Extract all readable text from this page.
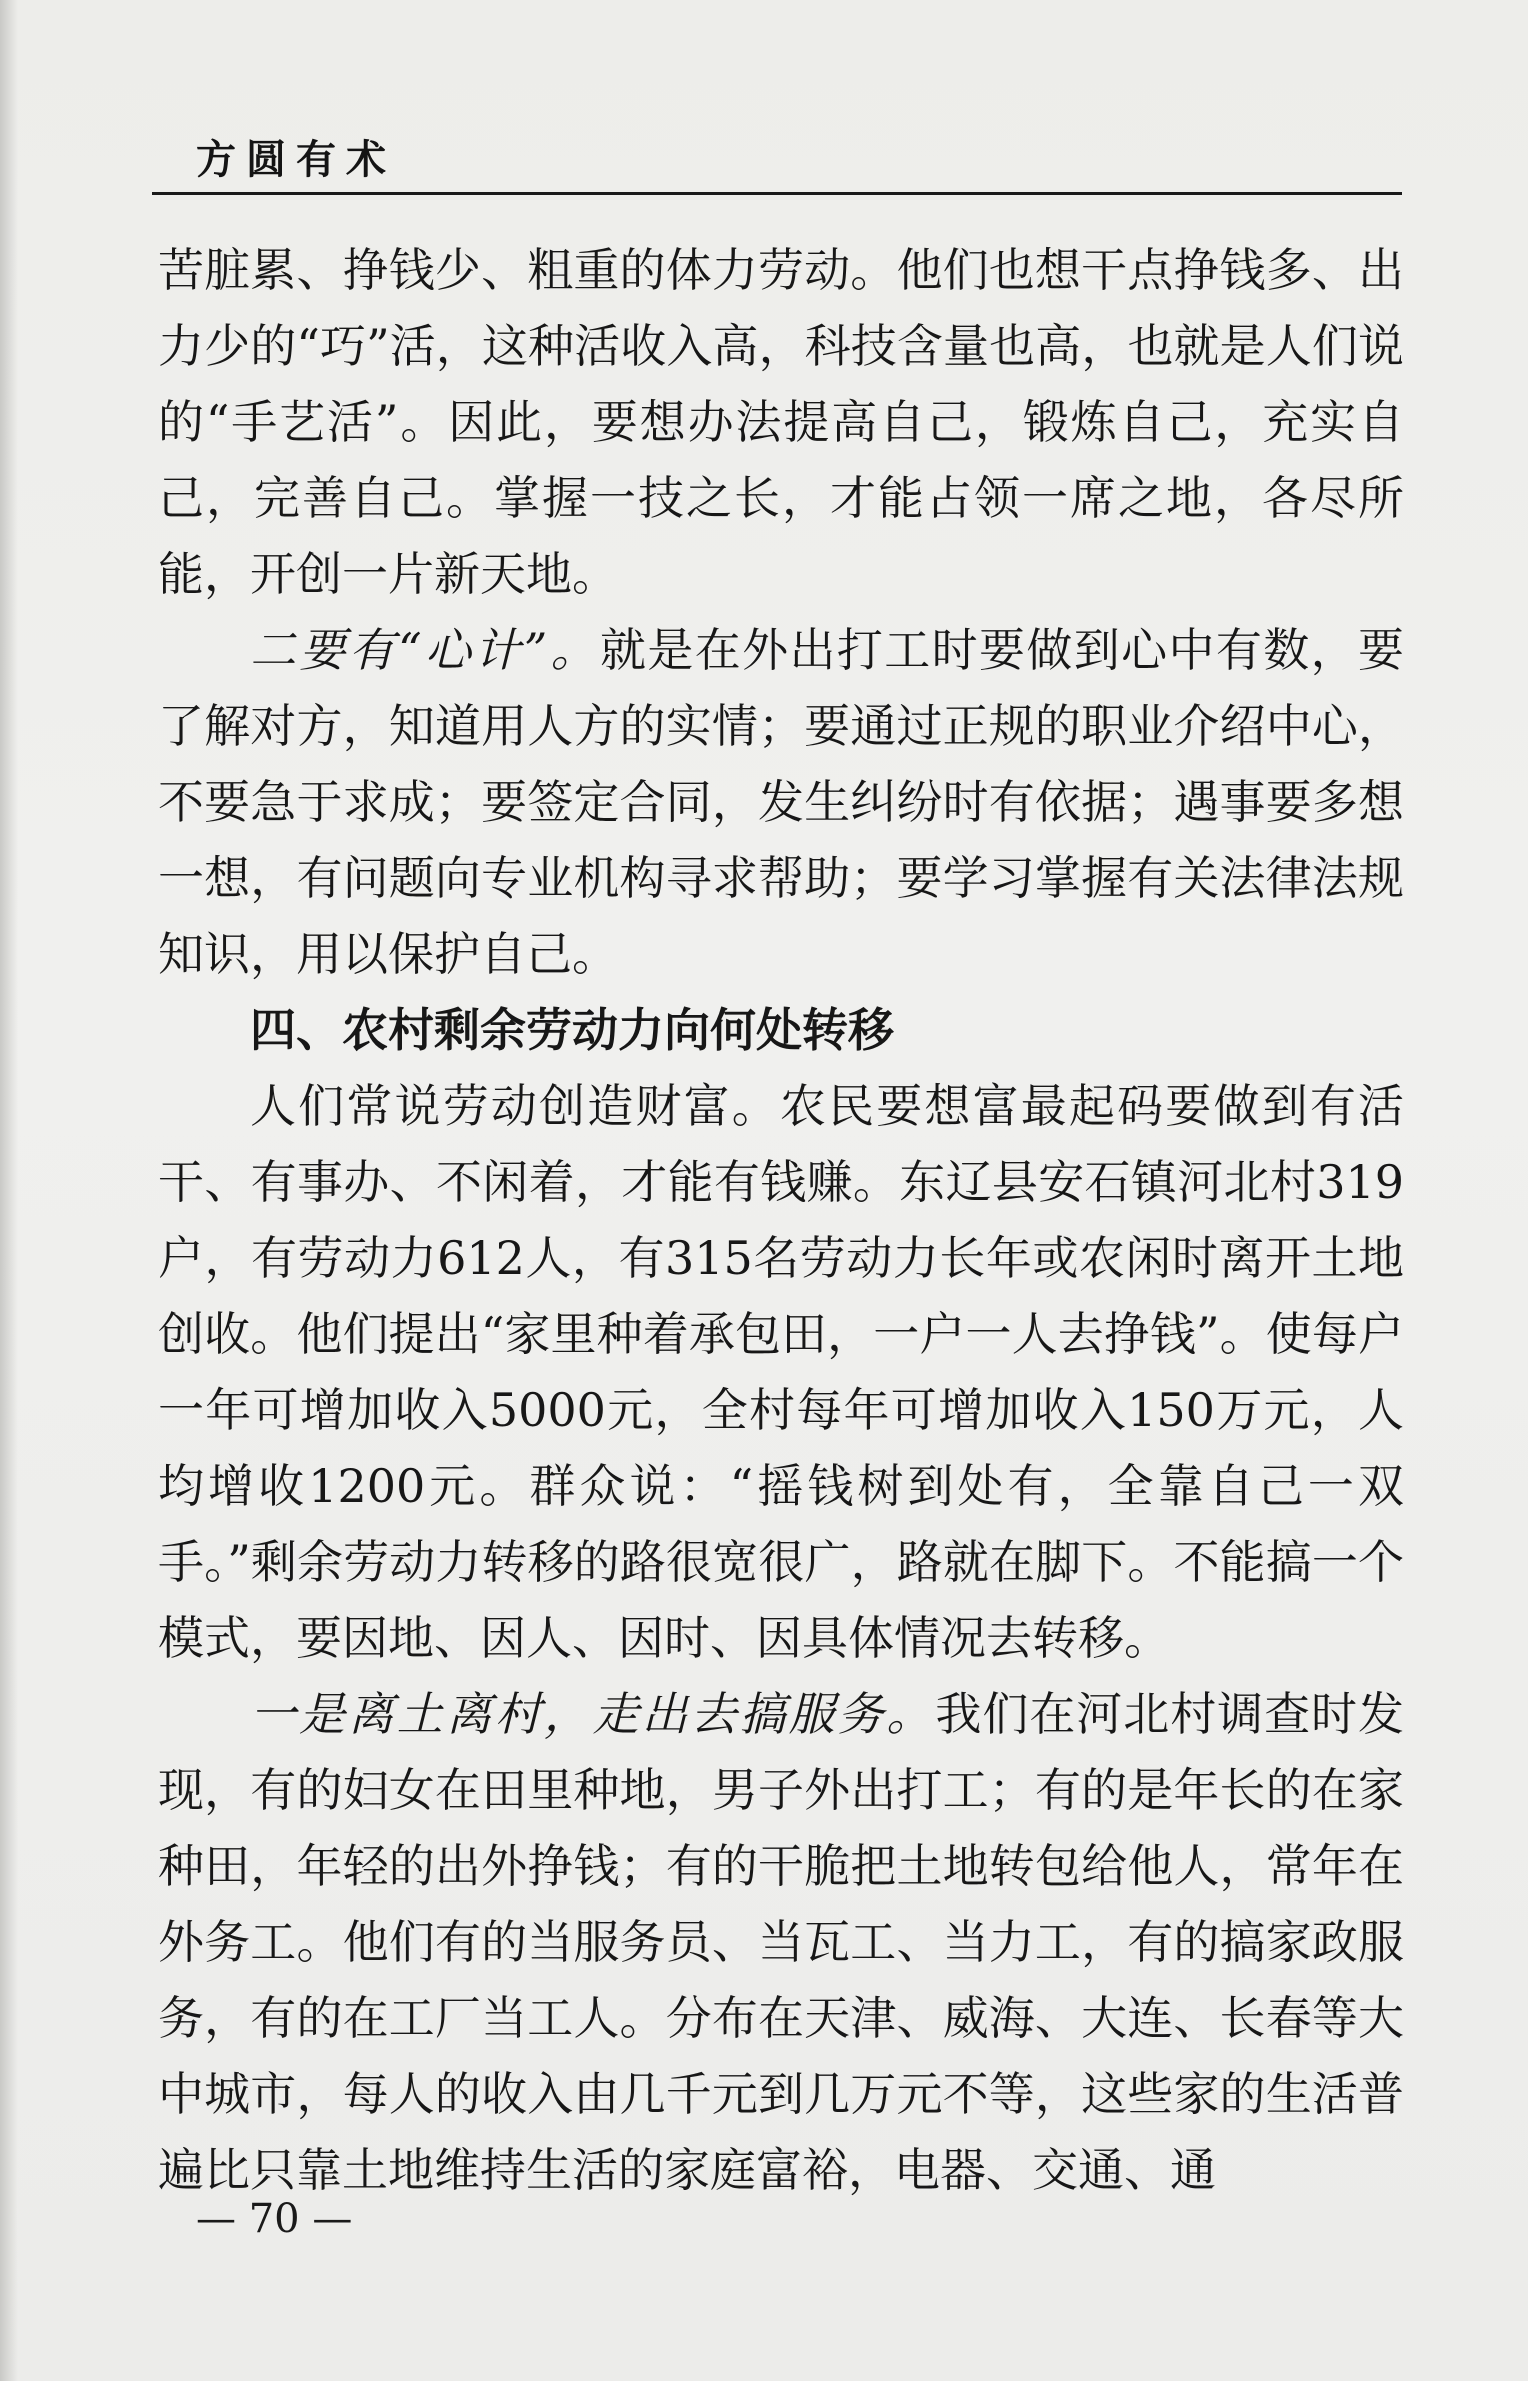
方圆有术

苦脏累、挣钱少、粗重的体力劳动。他们也想干点挣钱多、出力少的“巧”活，这种活收入高，科技含量也高，也就是人们说的“手艺活”。因此，要想办法提高自己，锻炼自己，充实自己，完善自己。掌握一技之长，才能占领一席之地，各尽所能，开创一片新天地。

二要有“心计”。就是在外出打工时要做到心中有数，要了解对方，知道用人方的实情；要通过正规的职业介绍中心，不要急于求成；要签定合同，发生纠纷时有依据；遇事要多想一想，有问题向专业机构寻求帮助；要学习掌握有关法律法规知识，用以保护自己。

四、农村剩余劳动力向何处转移

人们常说劳动创造财富。农民要想富最起码要做到有活干、有事办、不闲着，才能有钱赚。东辽县安石镇河北村319户，有劳动力612人，有315名劳动力长年或农闲时离开土地创收。他们提出“家里种着承包田，一户一人去挣钱”。使每户一年可增加收入5000元，全村每年可增加收入150万元，人均增收1200元。群众说：“摇钱树到处有，全靠自己一双手。”剩余劳动力转移的路很宽很广，路就在脚下。不能搞一个模式，要因地、因人、因时、因具体情况去转移。

一是离土离村，走出去搞服务。我们在河北村调查时发现，有的妇女在田里种地，男子外出打工；有的是年长的在家种田，年轻的出外挣钱；有的干脆把土地转包给他人，常年在外务工。他们有的当服务员、当瓦工、当力工，有的搞家政服务，有的在工厂当工人。分布在天津、威海、大连、长春等大中城市，每人的收入由几千元到几万元不等，这些家的生活普遍比只靠土地维持生活的家庭富裕，电器、交通、通

— 70 —
